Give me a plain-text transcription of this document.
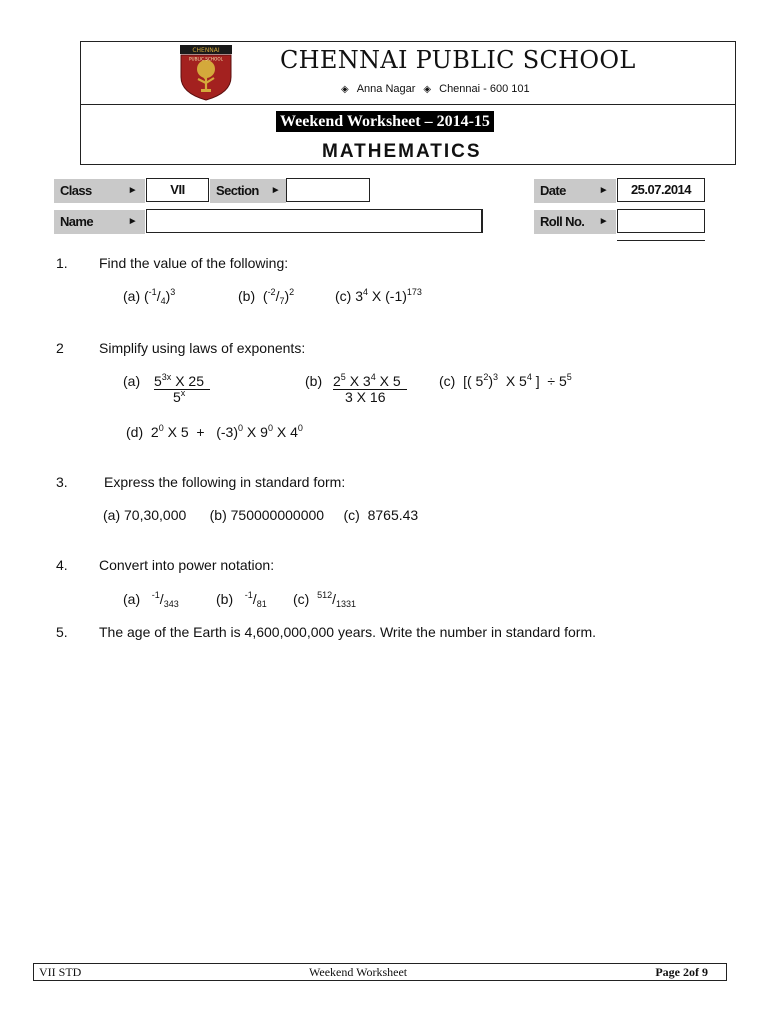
CHENNAI
PUBLIC SCHOOL CHENNAI PUBLIC SCHOOL
◈ Anna Nagar ◈ Chennai - 600 101
Weekend Worksheet – 2014-15
MATHEMATICS
Class	►	VII	Section ►	Date	►	25.07.2014
Name	►	Roll No. ►
1. Find the value of the following:
(a) $(^{-1}/_4)^3$	(b)  $(^{-2}/_7)^2$	(c) $3^4$ X $(-1)^{173}$
2	Simplify using laws of exponents:
(a) $5^{3x}$ X 25
5$^x$
(b) $2^5$ X $3^4$ X 5
3 X 16
(c)  [( $5^2)^3$  X $5^4$ ]  ÷ $5^5$
(d)  $2^0$ X $5 + (-3)^0$ X $9^0$ X $4^0$
3.	Express the following in standard form:
(a) 70,30,000      (b) 750000000000     (c)  8765.43
4. Convert into power notation:
(a)   $^{-1}/_{343}$	(b)   $^{-1}/_{81}$ (c)  $^{512}/_{1331}$
5. The age of the Earth is 4,600,000,000 years. Write the number in standard form.
VII STD	Weekend Worksheet	Page 2of 9
